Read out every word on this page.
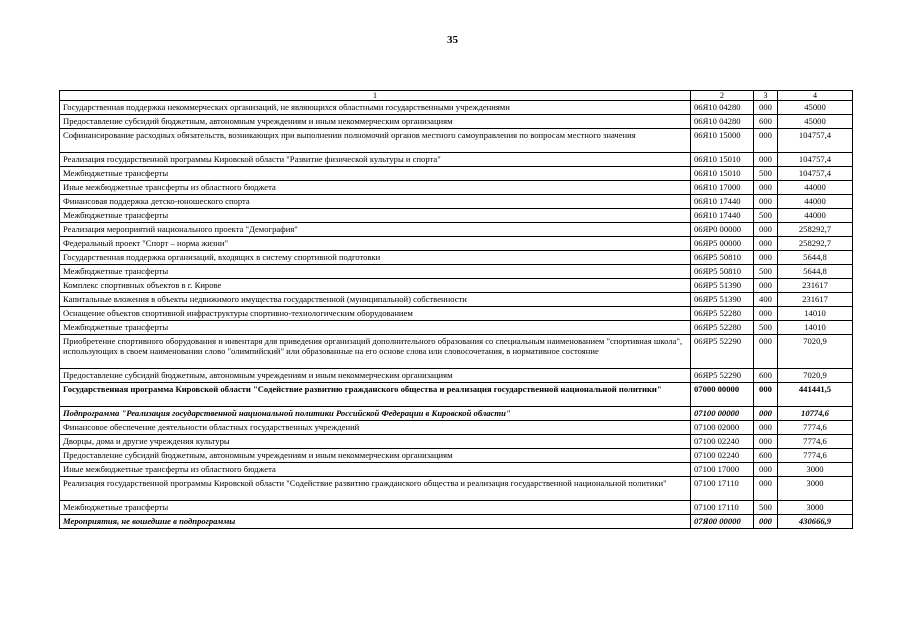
35
1	2	3	4
Государственная поддержка некоммерческих организаций, не являющихся областными государственными учреждениями	06Я10 04280	000	45000
Предоставление субсидий бюджетным, автономным учреждениям и иным некоммерческим организациям	06Я10 04280	600	45000
Софинансирование расходных обязательств, возникающих при выполнении полномочий органов местного самоуправления по вопросам местного значения	06Я10 15000	000	104757,4
Реализация государственной программы Кировской области "Развитие физической культуры и спорта"	06Я10 15010	000	104757,4
Межбюджетные трансферты	06Я10 15010	500	104757,4
Иные межбюджетные трансферты из областного бюджета	06Я10 17000	000	44000
Финансовая поддержка детско-юношеского спорта	06Я10 17440	000	44000
Межбюджетные трансферты	06Я10 17440	500	44000
Реализация мероприятий национального проекта "Демография"	06ЯР0 00000	000	258292,7
Федеральный проект "Спорт – норма жизни"	06ЯР5 00000	000	258292,7
Государственная поддержка организаций, входящих в систему спортивной подготовки	06ЯР5 50810	000	5644,8
Межбюджетные трансферты	06ЯР5 50810	500	5644,8
Комплекс спортивных объектов в г. Кирове	06ЯР5 51390	000	231617
Капитальные вложения в объекты недвижимого имущества государственной (муниципальной) собственности	06ЯР5 51390	400	231617
Оснащение объектов спортивной инфраструктуры спортивно-технологическим оборудованием	06ЯР5 52280	000	14010
Межбюджетные трансферты	06ЯР5 52280	500	14010
Приобретение спортивного оборудования и инвентаря для приведения организаций дополнительного образования со специальным наименованием "спортивная школа", использующих в своем наименовании слово "олимпийский" или образованные на его основе слова или словосочетания, в нормативное состояние	06ЯР5 52290	000	7020,9
Предоставление субсидий бюджетным, автономным учреждениям и иным некоммерческим организациям	06ЯР5 52290	600	7020,9
Государственная программа Кировской области "Содействие развитию гражданского общества и реализация государственной национальной политики"	07000 00000	000	441441,5
Подпрограмма "Реализация государственной национальной политики Российской Федерации в Кировской области"	07100 00000	000	10774,6
Финансовое обеспечение деятельности областных государственных учреждений	07100 02000	000	7774,6
Дворцы, дома и другие учреждения культуры	07100 02240	000	7774,6
Предоставление субсидий бюджетным, автономным учреждениям и иным некоммерческим организациям	07100 02240	600	7774,6
Иные межбюджетные трансферты из областного бюджета	07100 17000	000	3000
Реализация государственной программы Кировской области "Содействие развитию гражданского общества и реализация государственной национальной политики"	07100 17110	000	3000
Межбюджетные трансферты	07100 17110	500	3000
Мероприятия, не вошедшие в подпрограммы	07Я00 00000	000	430666,9
